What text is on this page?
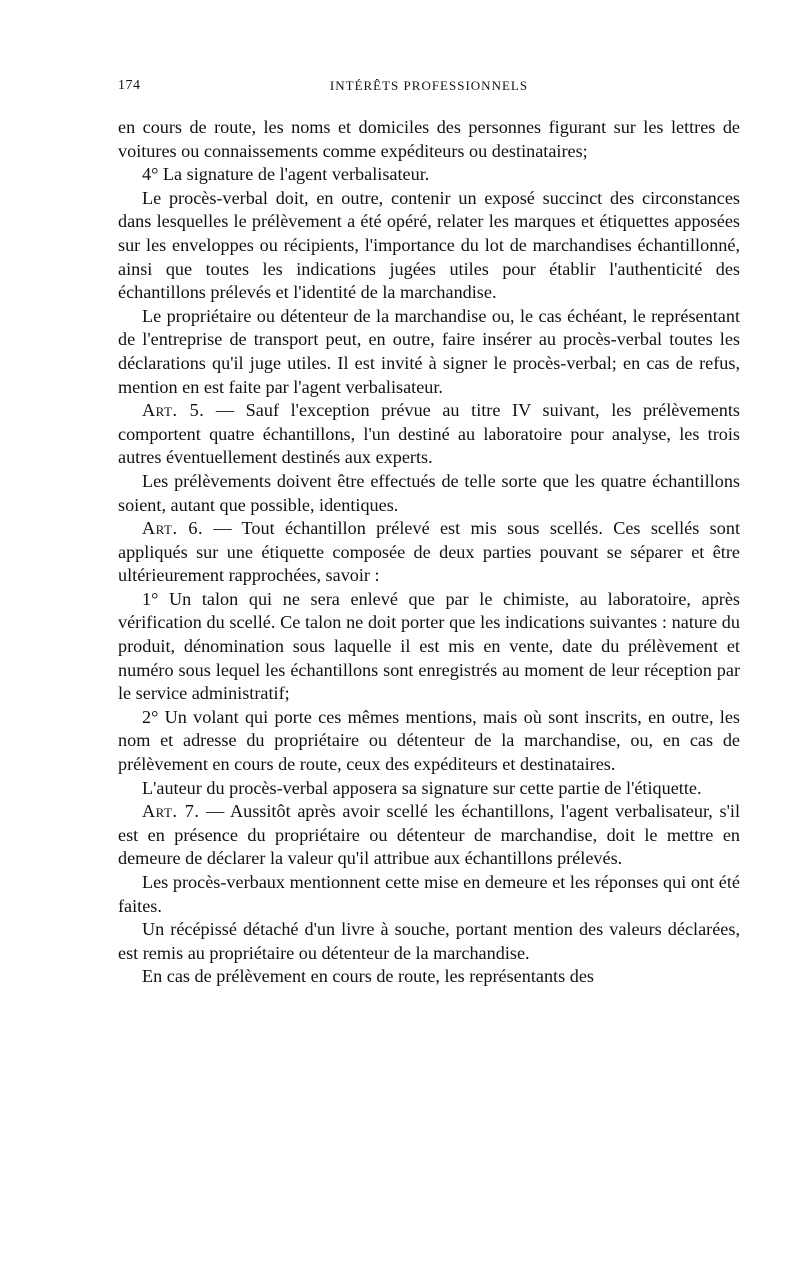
174	INTÉRÊTS PROFESSIONNELS

en cours de route, les noms et domiciles des personnes figurant sur les lettres de voitures ou connaissements comme expéditeurs ou destinataires;

4° La signature de l'agent verbalisateur.

Le procès-verbal doit, en outre, contenir un exposé succinct des circonstances dans lesquelles le prélèvement a été opéré, relater les marques et étiquettes apposées sur les enveloppes ou récipients, l'importance du lot de marchandises échantillonné, ainsi que toutes les indications jugées utiles pour établir l'authenticité des échantillons prélevés et l'identité de la marchandise.

Le propriétaire ou détenteur de la marchandise ou, le cas échéant, le représentant de l'entreprise de transport peut, en outre, faire insérer au procès-verbal toutes les déclarations qu'il juge utiles. Il est invité à signer le procès-verbal; en cas de refus, mention en est faite par l'agent verbalisateur.

Art. 5. — Sauf l'exception prévue au titre IV suivant, les prélèvements comportent quatre échantillons, l'un destiné au laboratoire pour analyse, les trois autres éventuellement destinés aux experts.

Les prélèvements doivent être effectués de telle sorte que les quatre échantillons soient, autant que possible, identiques.

Art. 6. — Tout échantillon prélevé est mis sous scellés. Ces scellés sont appliqués sur une étiquette composée de deux parties pouvant se séparer et être ultérieurement rapprochées, savoir :

1° Un talon qui ne sera enlevé que par le chimiste, au laboratoire, après vérification du scellé. Ce talon ne doit porter que les indications suivantes : nature du produit, dénomination sous laquelle il est mis en vente, date du prélèvement et numéro sous lequel les échantillons sont enregistrés au moment de leur réception par le service administratif;

2° Un volant qui porte ces mêmes mentions, mais où sont inscrits, en outre, les nom et adresse du propriétaire ou détenteur de la marchandise, ou, en cas de prélèvement en cours de route, ceux des expéditeurs et destinataires.

L'auteur du procès-verbal apposera sa signature sur cette partie de l'étiquette.

Art. 7. — Aussitôt après avoir scellé les échantillons, l'agent verbalisateur, s'il est en présence du propriétaire ou détenteur de marchandise, doit le mettre en demeure de déclarer la valeur qu'il attribue aux échantillons prélevés.

Les procès-verbaux mentionnent cette mise en demeure et les réponses qui ont été faites.

Un récépissé détaché d'un livre à souche, portant mention des valeurs déclarées, est remis au propriétaire ou détenteur de la marchandise.

En cas de prélèvement en cours de route, les représentants des
